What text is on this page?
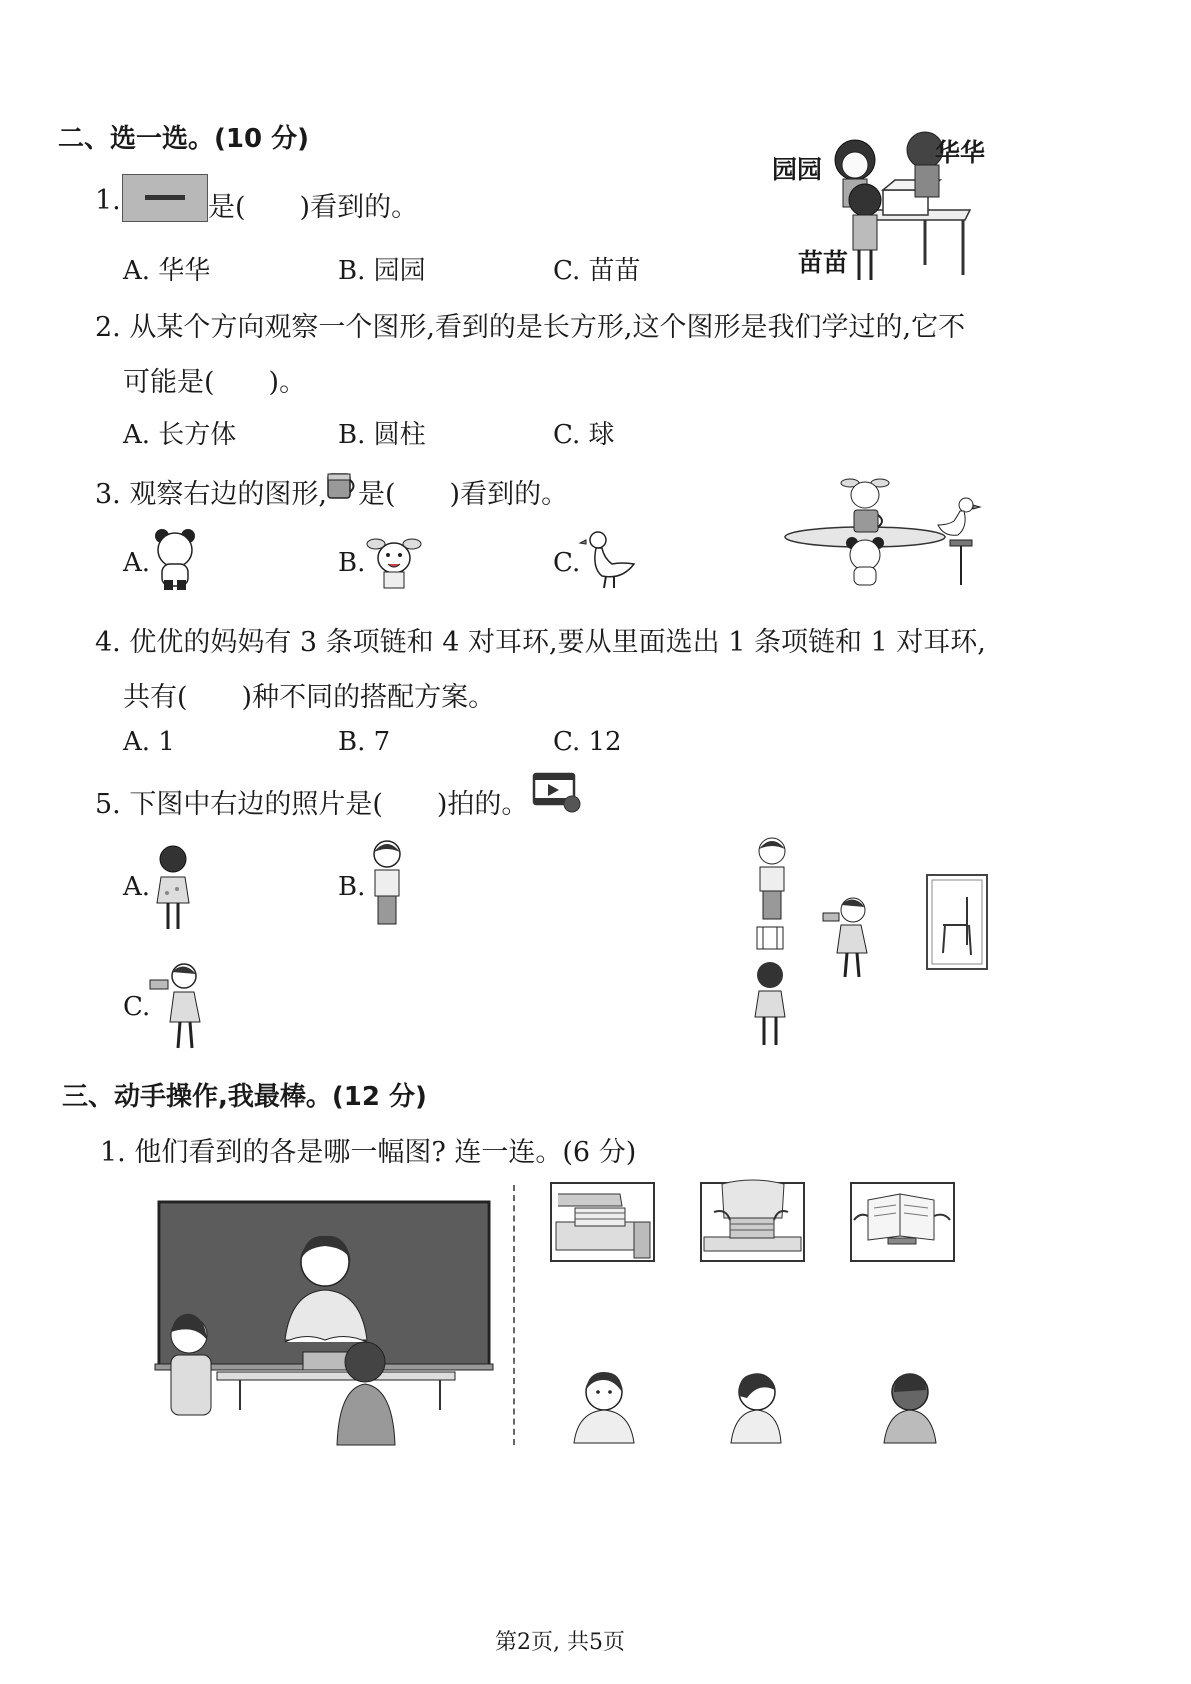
二、选一选。(10 分)
1.	是(　　)看到的。
A. 华华	B. 园园	C. 苗苗
园园
华华
苗苗
2. 从某个方向观察一个图形,看到的是长方形,这个图形是我们学过的,它不
可能是(　　)。
A. 长方体	B. 圆柱	C. 球
3. 观察右边的图形, 是(　　)看到的。
A.	B.	C.
4. 优优的妈妈有 3 条项链和 4 对耳环,要从里面选出 1 条项链和 1 对耳环,
共有(　　)种不同的搭配方案。
A. 1	B. 7	C. 12
5. 下图中右边的照片是(　　)拍的。
A.	B.
C.
三、动手操作,我最棒。(12 分)
1. 他们看到的各是哪一幅图? 连一连。(6 分)
第2页, 共5页
